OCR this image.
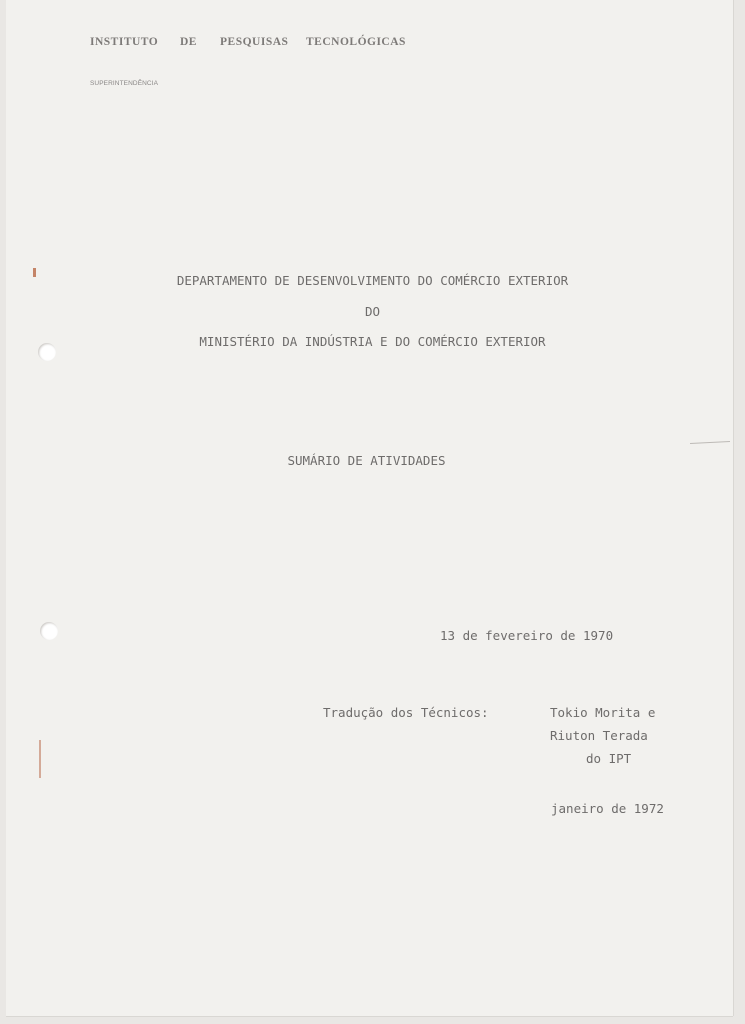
INSTITUTO	DE	PESQUISAS	TECNOLÓGICAS
SUPERINTENDÊNCIA
DEPARTAMENTO DE DESENVOLVIMENTO DO COMÉRCIO EXTERIOR
DO
MINISTÉRIO DA INDÚSTRIA E DO COMÉRCIO EXTERIOR
SUMÁRIO DE ATIVIDADES
13 de fevereiro de 1970
Tradução dos Técnicos:	Tokio Morita e
Riuton Terada
do IPT
janeiro de 1972
